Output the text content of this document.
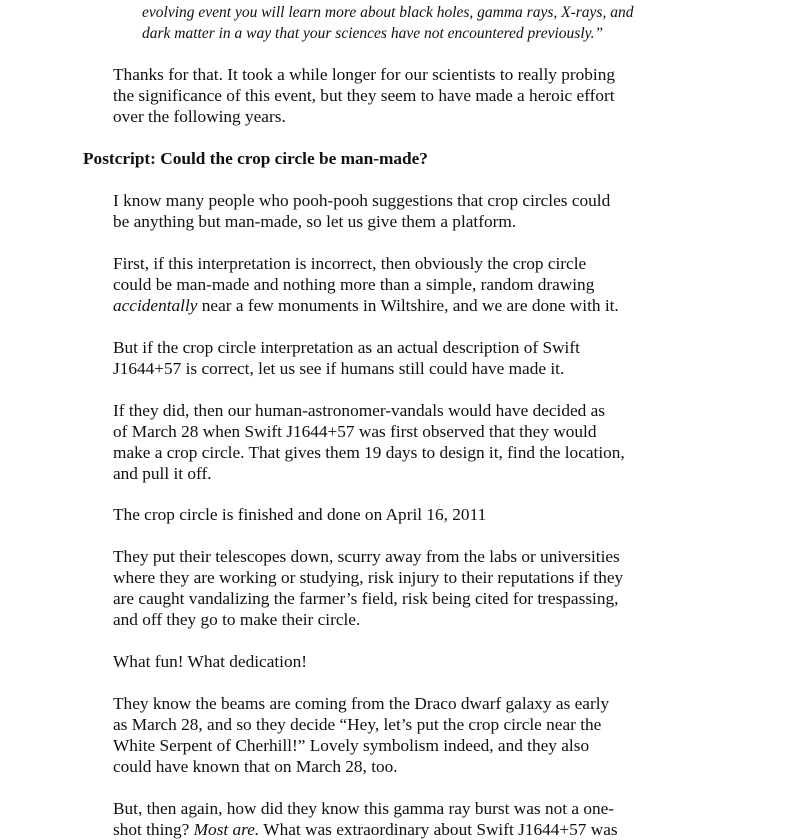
evolving event you will learn more about black holes, gamma rays, X-rays, and
dark matter in a way that your sciences have not encountered previously.”
Thanks for that. It took a while longer for our scientists to really probing
the significance of this event, but they seem to have made a heroic effort
over the following years.
Postcript: Could the crop circle be man-made?
I know many people who pooh-pooh suggestions that crop circles could
be anything but man-made, so let us give them a platform.
First, if this interpretation is incorrect, then obviously the crop circle
could be man-made and nothing more than a simple, random drawing
accidentally near a few monuments in Wiltshire, and we are done with it.
But if the crop circle interpretation as an actual description of Swift
J1644+57 is correct, let us see if humans still could have made it.
If they did, then our human-astronomer-vandals would have decided as
of March 28 when Swift J1644+57 was first observed that they would
make a crop circle. That gives them 19 days to design it, find the location,
and pull it off.
The crop circle is finished and done on April 16, 2011
They put their telescopes down, scurry away from the labs or universities
where they are working or studying, risk injury to their reputations if they
are caught vandalizing the farmer’s field, risk being cited for trespassing,
and off they go to make their circle.
What fun! What dedication!
They know the beams are coming from the Draco dwarf galaxy as early
as March 28, and so they decide “Hey, let’s put the crop circle near the
White Serpent of Cherhill!” Lovely symbolism indeed, and they also
could have known that on March 28, too.
But, then again, how did they know this gamma ray burst was not a one-
shot thing? Most are. What was extraordinary about Swift J1644+57 was
